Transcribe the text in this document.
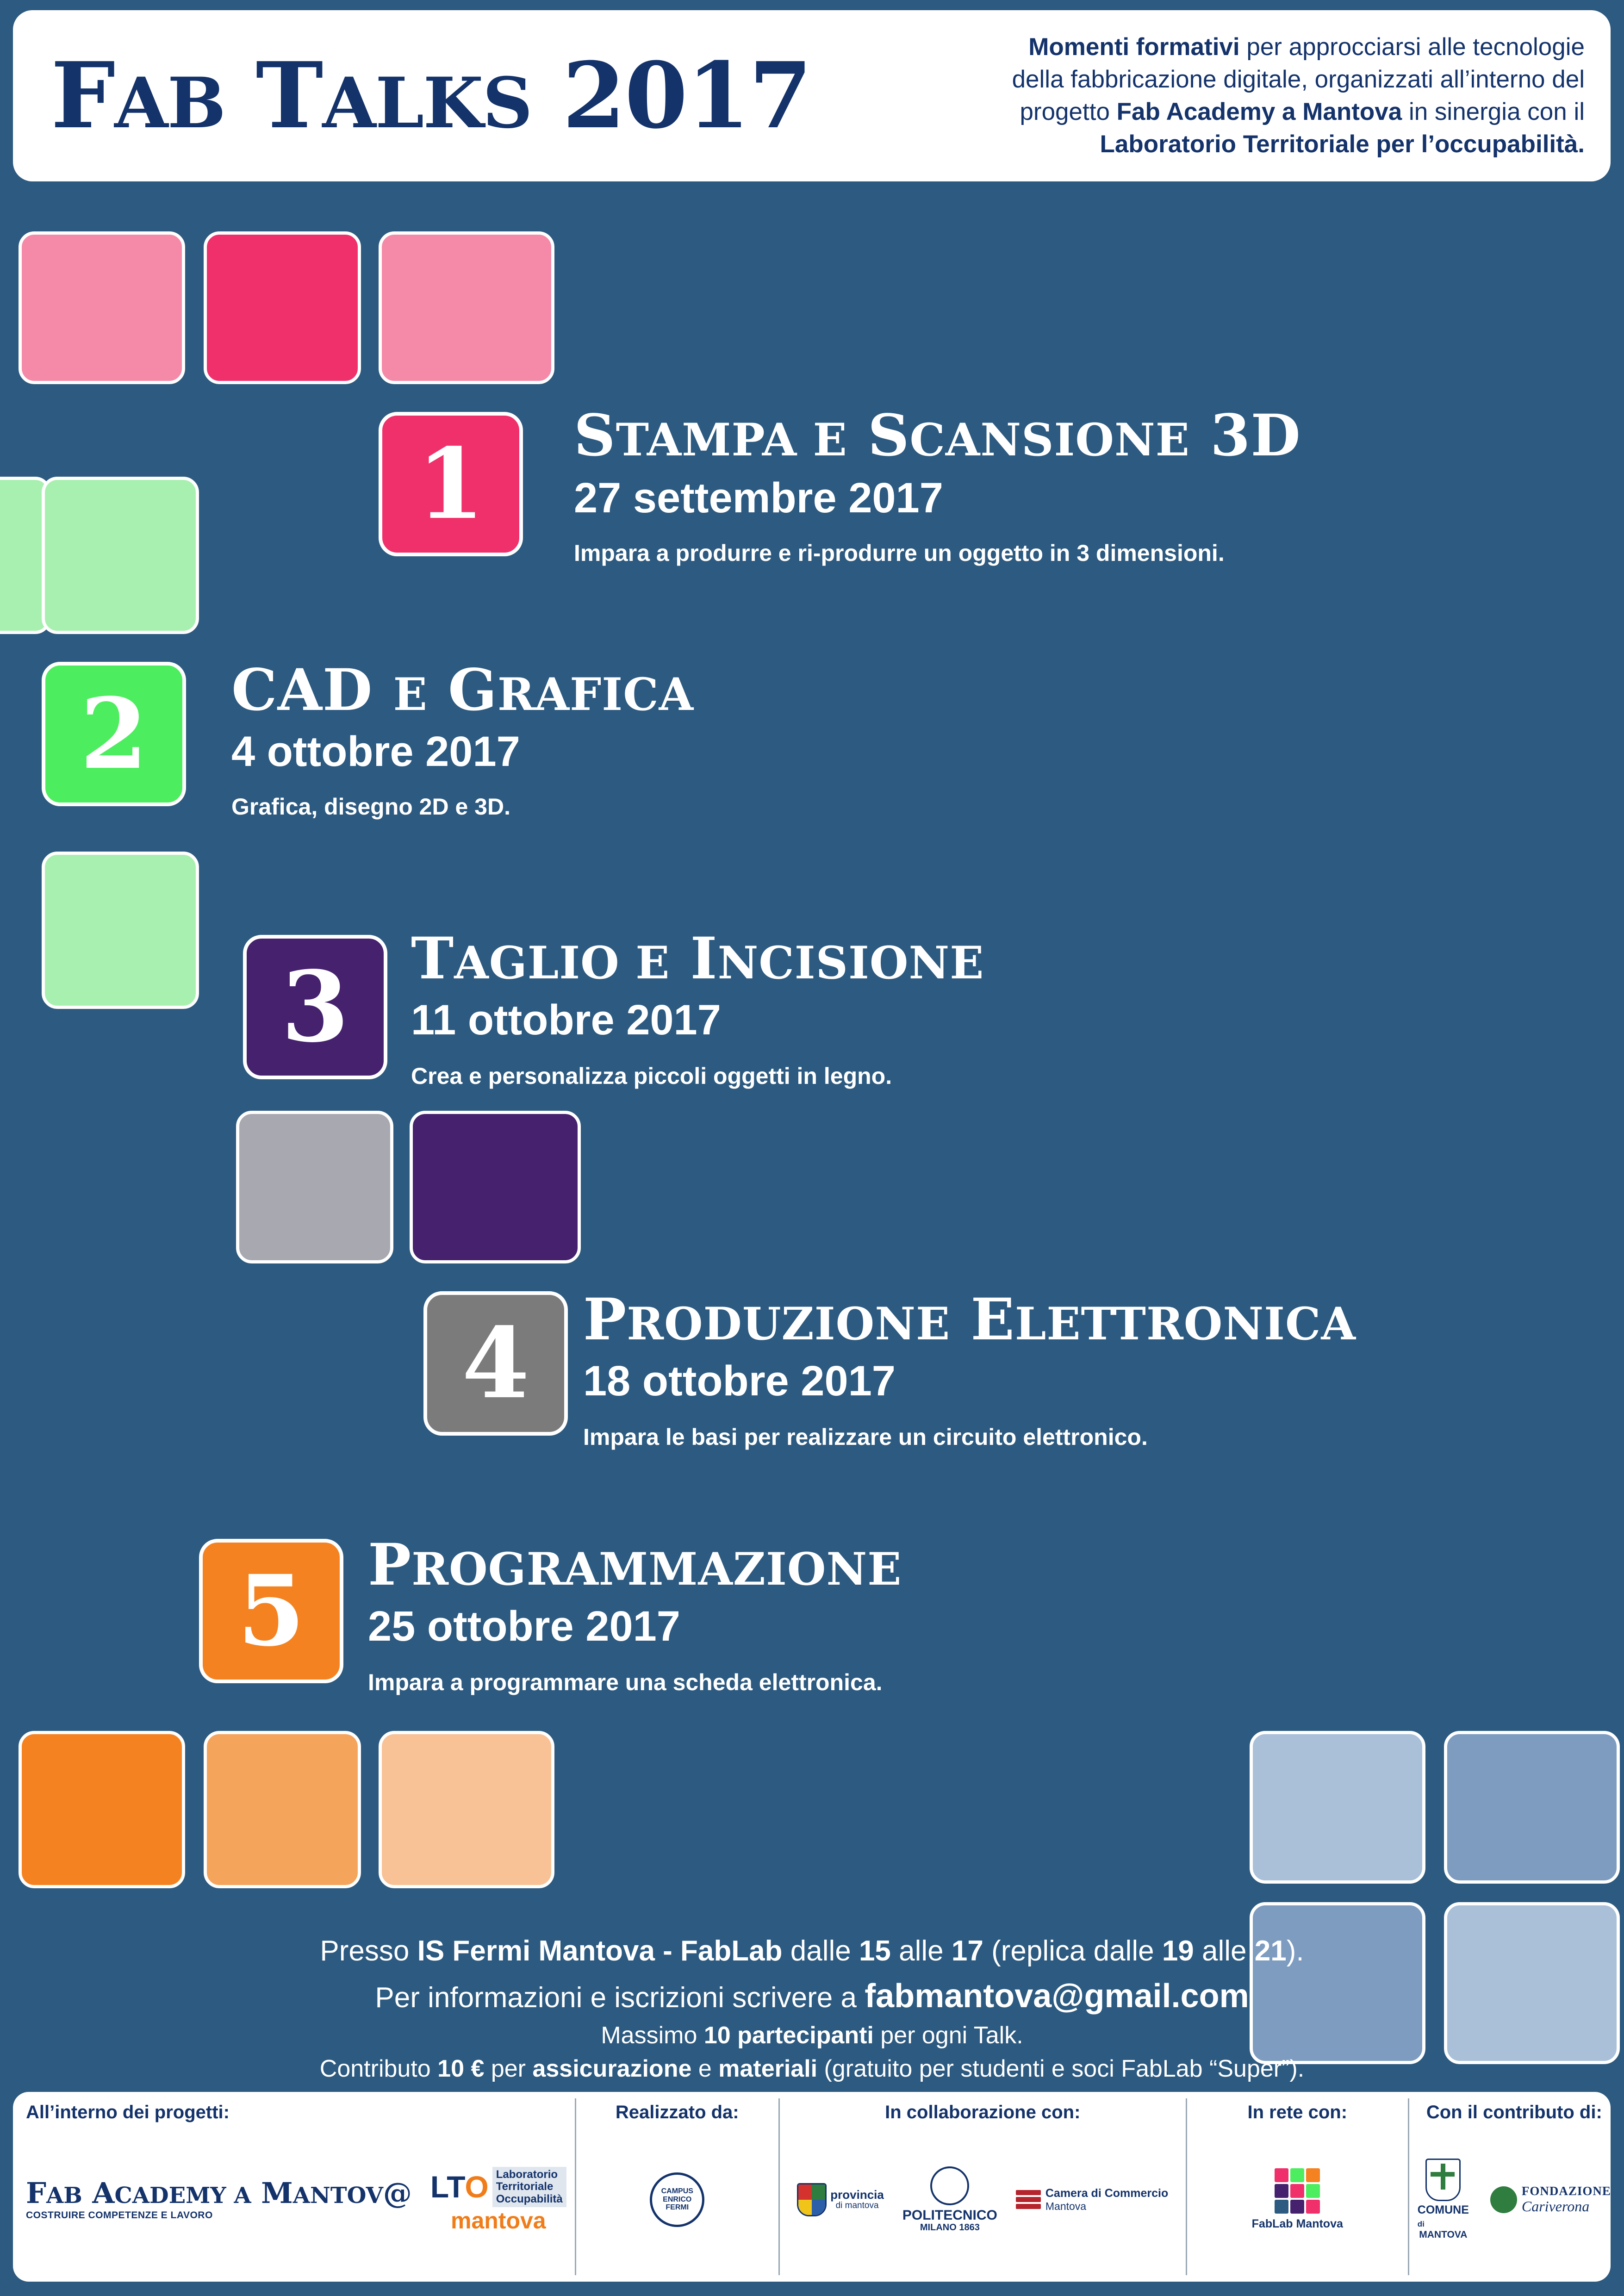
FAB TALKS 2017	Momenti formativi per approcciarsi alle tecnologie
della fabbricazione digitale, organizzati all’interno del
progetto Fab Academy a Mantova in sinergia con il
Laboratorio Territoriale per l’occupabilità.
1 STAMPA E SCANSIONE 3D
27 settembre 2017
Impara a produrre e ri-produrre un oggetto in 3 dimensioni.
2 CAD E GRAFICA
4 ottobre 2017
Grafica, disegno 2D e 3D.
3 TAGLIO E INCISIONE
11 ottobre 2017
Crea e personalizza piccoli oggetti in legno.
4 PRODUZIONE ELETTRONICA
18 ottobre 2017
Impara le basi per realizzare un circuito elettronico.
5 PROGRAMMAZIONE
25 ottobre 2017
Impara a programmare una scheda elettronica.
Presso IS Fermi Mantova - FabLab dalle 15 alle 17 (replica dalle 19 alle 21).
Per informazioni e iscrizioni scrivere a fabmantova@gmail.com
Massimo 10 partecipanti per ogni Talk.
Contributo 10 € per assicurazione e materiali (gratuito per studenti e soci FabLab “Super”).
All’interno dei progetti:
FAB ACADEMY A MANTOV@
COSTRUIRE COMPETENZE E LAVORO
LTO Laboratorio
Territoriale
Occupabilità
mantova
Realizzato da:
CAMPUS
ENRICO
FERMI
In collaborazione con:
provincia
di mantova
POLITECNICO
MILANO 1863
Camera di Commercio
Mantova
In rete con:
FabLab Mantova
Con il contributo di:
COMUNE di
MANTOVA
FONDAZIONE
Cariverona
